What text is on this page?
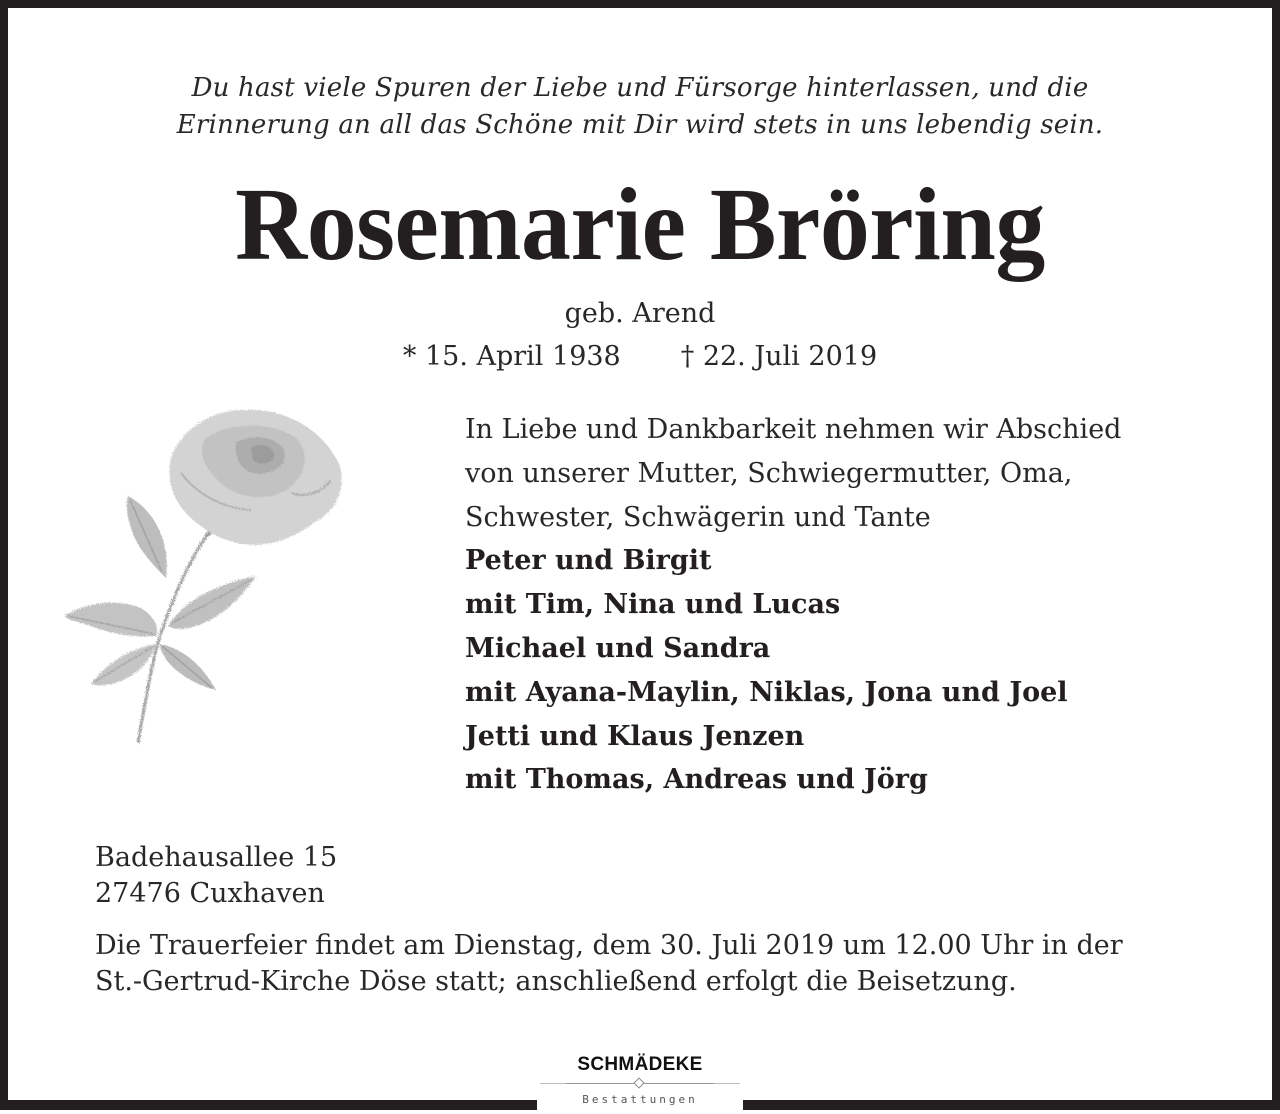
Du hast viele Spuren der Liebe und Fürsorge hinterlassen, und die
Erinnerung an all das Schöne mit Dir wird stets in uns lebendig sein.
Rosemarie Bröring
geb. Arend
* 15. April 1938 † 22. Juli 2019
In Liebe und Dankbarkeit nehmen wir Abschied
von unserer Mutter, Schwiegermutter, Oma,
Schwester, Schwägerin und Tante
Peter und Birgit
mit Tim, Nina und Lucas
Michael und Sandra
mit Ayana-Maylin, Niklas, Jona und Joel
Jetti und Klaus Jenzen
mit Thomas, Andreas und Jörg
Badehausallee 15
27476 Cuxhaven
Die Trauerfeier findet am Dienstag, dem 30. Juli 2019 um 12.00 Uhr in der
St.-Gertrud-Kirche Döse statt; anschließend erfolgt die Beisetzung.
SCHMÄDEKE
Bestattungen
